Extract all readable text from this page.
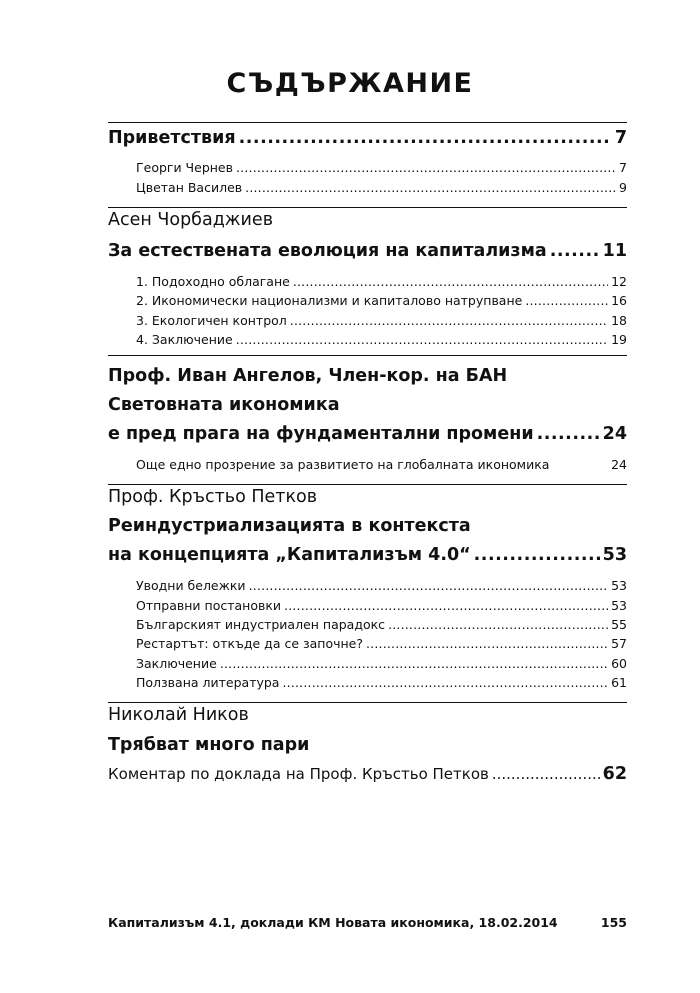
СЪДЪРЖАНИЕ
Приветствия .....	7
Георги Чернев .....	7
Цветан Василев .....	9
Асен Чорбаджиев
За естествената еволюция на капитализма .....	11
1. Подоходно облагане .....	12
2. Икономически национализми и капиталово натрупване .....	16
3. Екологичен контрол .....	18
4. Заключение .....	19
Проф. Иван Ангелов, Член-кор. на БАН
Световната икономика
е пред прага на фундаментални промени .....	24
Още едно прозрение за развитието на глобалната икономика	24
Проф. Кръстьо Петков
Реиндустриализацията в контекста
на концепцията „Капитализъм 4.0“ .....	53
Уводни бележки .....	53
Отправни постановки .....	53
Българският индустриален парадокс .....	55
Рестартът: откъде да се започне? .....	57
Заключение .....	60
Ползвана литература .....	61
Николай Ников
Трябват много пари
Коментар по доклада на Проф. Кръстьо Петков .....	62
Капитализъм 4.1, доклади КМ Новата икономика, 18.02.2014	155
